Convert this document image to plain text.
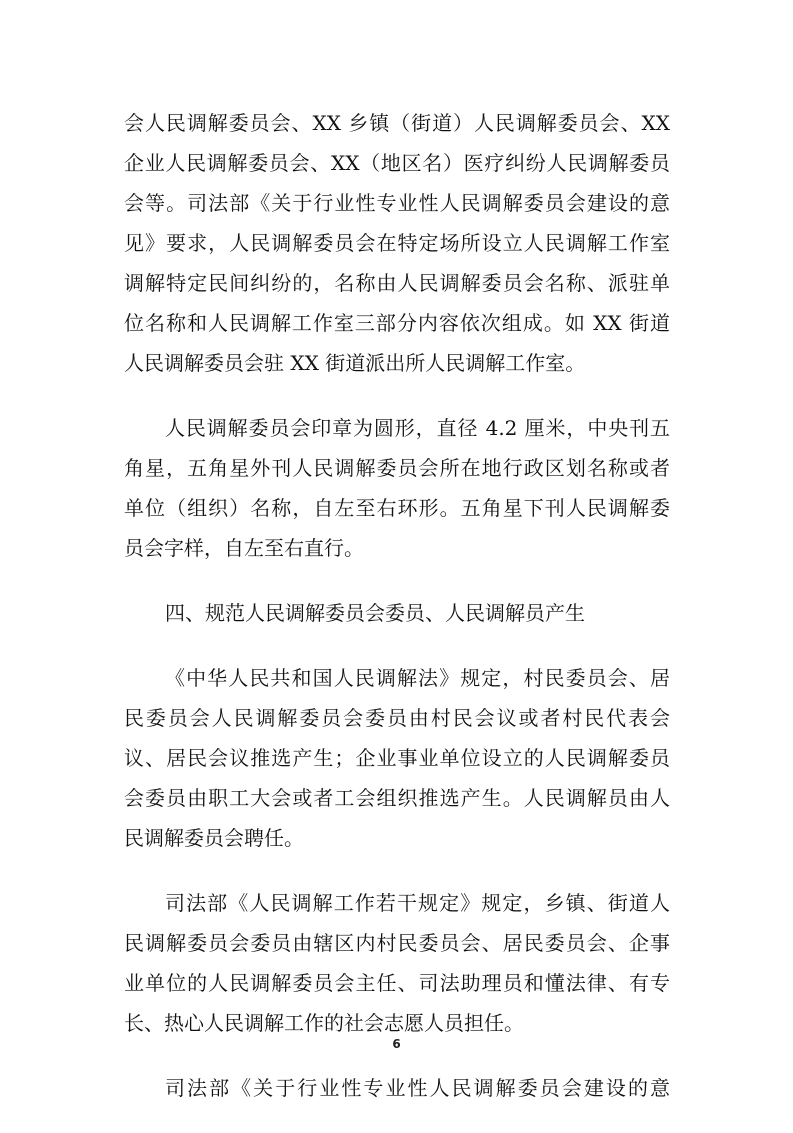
会人民调解委员会、XX 乡镇（街道）人民调解委员会、XX
企业人民调解委员会、XX（地区名）医疗纠纷人民调解委员
会等。司法部《关于行业性专业性人民调解委员会建设的意
见》要求，人民调解委员会在特定场所设立人民调解工作室
调解特定民间纠纷的，名称由人民调解委员会名称、派驻单
位名称和人民调解工作室三部分内容依次组成。如 XX 街道
人民调解委员会驻 XX 街道派出所人民调解工作室。
人民调解委员会印章为圆形，直径 4.2 厘米，中央刊五
角星，五角星外刊人民调解委员会所在地行政区划名称或者
单位（组织）名称，自左至右环形。五角星下刊人民调解委
员会字样，自左至右直行。
四、规范人民调解委员会委员、人民调解员产生
《中华人民共和国人民调解法》规定，村民委员会、居
民委员会人民调解委员会委员由村民会议或者村民代表会
议、居民会议推选产生；企业事业单位设立的人民调解委员
会委员由职工大会或者工会组织推选产生。人民调解员由人
民调解委员会聘任。
司法部《人民调解工作若干规定》规定，乡镇、街道人
民调解委员会委员由辖区内村民委员会、居民委员会、企事
业单位的人民调解委员会主任、司法助理员和懂法律、有专
长、热心人民调解工作的社会志愿人员担任。
司法部《关于行业性专业性人民调解委员会建设的意
6
